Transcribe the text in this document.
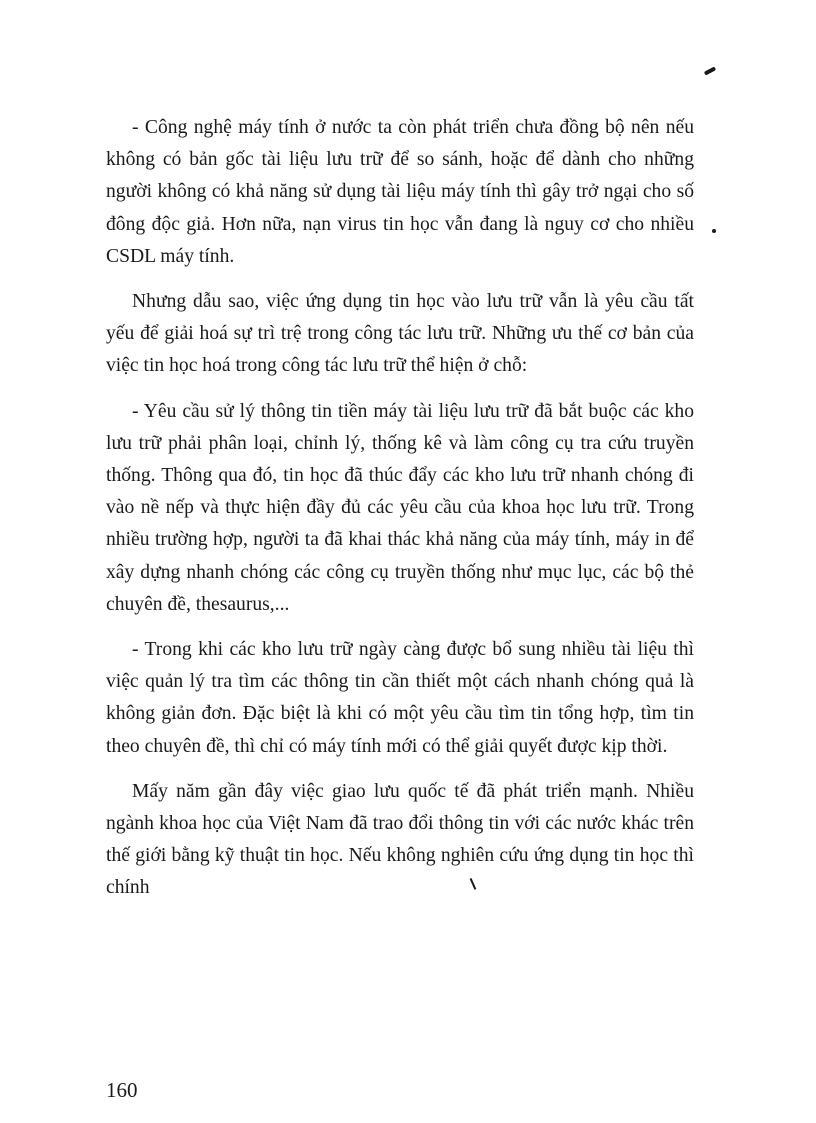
- Công nghệ máy tính ở nước ta còn phát triển chưa đồng bộ nên nếu không có bản gốc tài liệu lưu trữ để so sánh, hoặc để dành cho những người không có khả năng sử dụng tài liệu máy tính thì gây trở ngại cho số đông độc giả. Hơn nữa, nạn virus tin học vẫn đang là nguy cơ cho nhiều CSDL máy tính.

Nhưng dẫu sao, việc ứng dụng tin học vào lưu trữ vẫn là yêu cầu tất yếu để giải hoá sự trì trệ trong công tác lưu trữ. Những ưu thế cơ bản của việc tin học hoá trong công tác lưu trữ thể hiện ở chỗ:

- Yêu cầu sử lý thông tin tiền máy tài liệu lưu trữ đã bắt buộc các kho lưu trữ phải phân loại, chỉnh lý, thống kê và làm công cụ tra cứu truyền thống. Thông qua đó, tin học đã thúc đẩy các kho lưu trữ nhanh chóng đi vào nề nếp và thực hiện đầy đủ các yêu cầu của khoa học lưu trữ. Trong nhiều trường hợp, người ta đã khai thác khả năng của máy tính, máy in để xây dựng nhanh chóng các công cụ truyền thống như mục lục, các bộ thẻ chuyên đề, thesaurus,...

- Trong khi các kho lưu trữ ngày càng được bổ sung nhiều tài liệu thì việc quản lý tra tìm các thông tin cần thiết một cách nhanh chóng quả là không giản đơn. Đặc biệt là khi có một yêu cầu tìm tin tổng hợp, tìm tin theo chuyên đề, thì chỉ có máy tính mới có thể giải quyết được kịp thời.

Mấy năm gần đây việc giao lưu quốc tế đã phát triển mạnh. Nhiều ngành khoa học của Việt Nam đã trao đổi thông tin với các nước khác trên thế giới bằng kỹ thuật tin học. Nếu không nghiên cứu ứng dụng tin học thì chính

160
